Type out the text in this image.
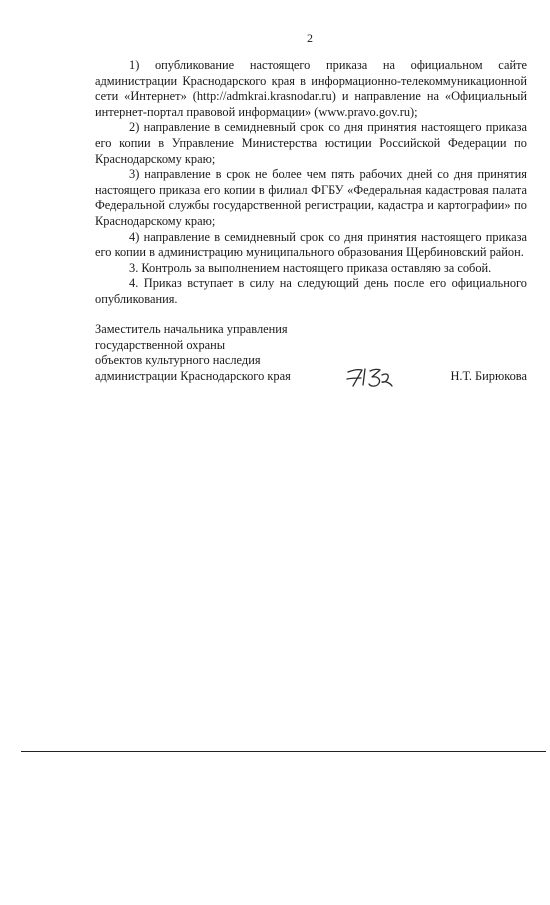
2

1) опубликование настоящего приказа на официальном сайте администрации Краснодарского края в информационно-телекоммуникационной сети «Интернет» (http://admkrai.krasnodar.ru) и направление на «Официальный интернет-портал правовой информации» (www.pravo.gov.ru);

2) направление в семидневный срок со дня принятия настоящего приказа его копии в Управление Министерства юстиции Российской Федерации по Краснодарскому краю;

3) направление в срок не более чем пять рабочих дней со дня принятия настоящего приказа его копии в филиал ФГБУ «Федеральная кадастровая палата Федеральной службы государственной регистрации, кадастра и картографии» по Краснодарскому краю;

4) направление в семидневный срок со дня принятия настоящего приказа его копии в администрацию муниципального образования Щербиновский район.

3. Контроль за выполнением настоящего приказа оставляю за собой.

4. Приказ вступает в силу на следующий день после его официального опубликования.

Заместитель начальника управления
государственной охраны
объектов культурного наследия
администрации Краснодарского края	Н.Т. Бирюкова
